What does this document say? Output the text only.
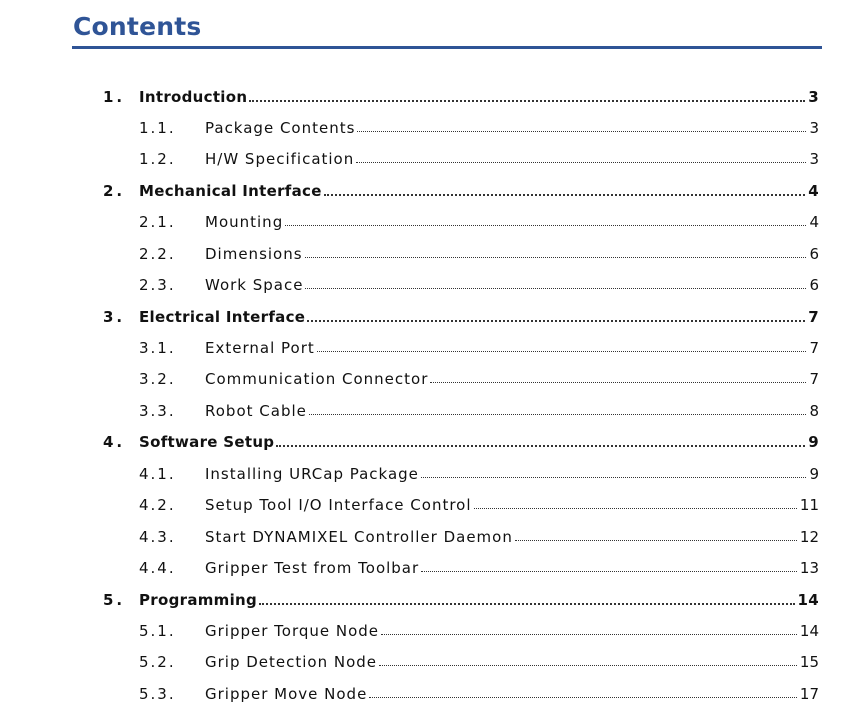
Contents
1. Introduction	3
1.1. Package Contents	3
1.2. H/W Specification	3
2. Mechanical Interface	4
2.1. Mounting	4
2.2. Dimensions	6
2.3. Work Space	6
3. Electrical Interface	7
3.1. External Port	7
3.2. Communication Connector	7
3.3. Robot Cable	8
4. Software Setup	9
4.1. Installing URCap Package	9
4.2. Setup Tool I/O Interface Control	11
4.3. Start DYNAMIXEL Controller Daemon	12
4.4. Gripper Test from Toolbar	13
5. Programming	14
5.1. Gripper Torque Node	14
5.2. Grip Detection Node	15
5.3. Gripper Move Node	17
